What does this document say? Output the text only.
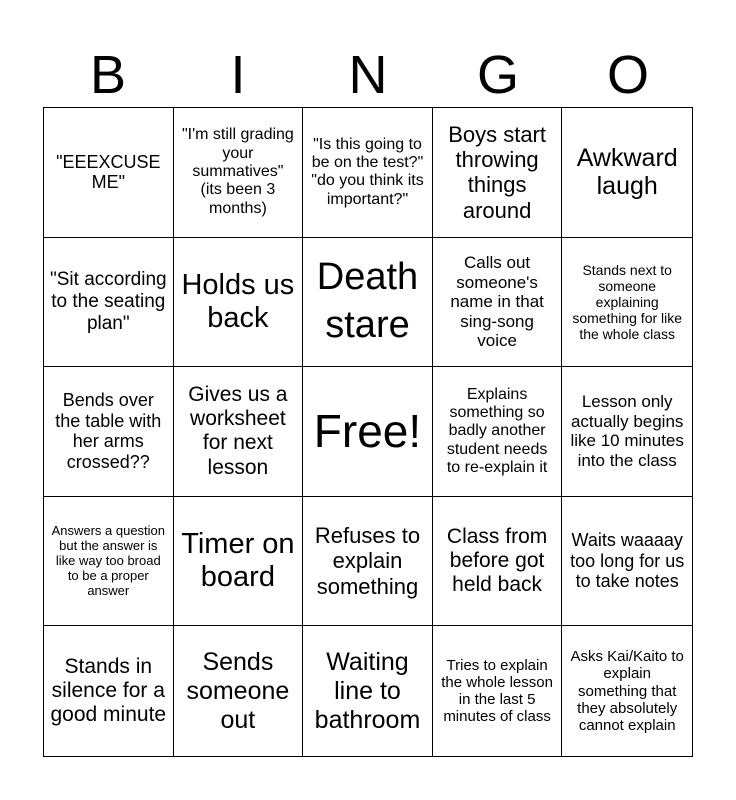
B	I	N	G	O
"EEEXCUSE ME"
"I'm still grading your summatives" (its been 3 months)
"Is this going to be on the test?" "do you think its important?"
Boys start throwing things around
Awkward laugh
"Sit according to the seating plan"
Holds us back
Death stare
Calls out someone's name in that sing-song voice
Stands next to someone explaining something for like the whole class
Bends over the table with her arms crossed??
Gives us a worksheet for next lesson
Free!
Explains something so badly another student needs to re-explain it
Lesson only actually begins like 10 minutes into the class
Answers a question but the answer is like way too broad to be a proper answer
Timer on board
Refuses to explain something
Class from before got held back
Waits waaaay too long for us to take notes
Stands in silence for a good minute
Sends someone out
Waiting line to bathroom
Tries to explain the whole lesson in the last 5 minutes of class
Asks Kai/Kaito to explain something that they absolutely cannot explain
